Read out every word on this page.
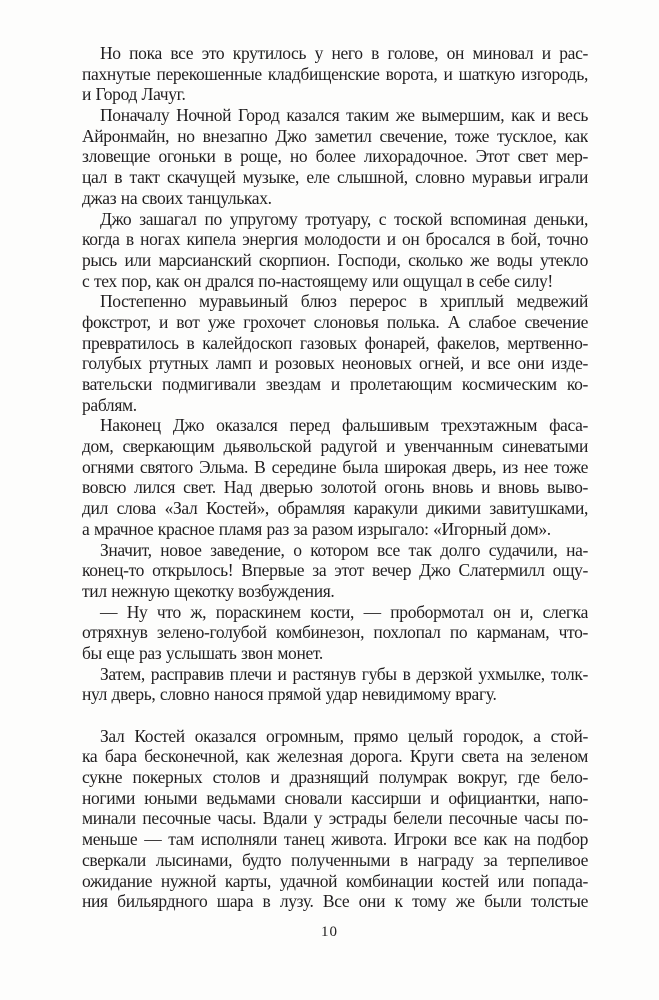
Но пока все это крутилось у него в голове, он миновал и рас-
пахнутые перекошенные кладбищенские ворота, и шаткую изгородь,
и Город Лачуг.
Поначалу Ночной Город казался таким же вымершим, как и весь
Айронмайн, но внезапно Джо заметил свечение, тоже тусклое, как
зловещие огоньки в роще, но более лихорадочное. Этот свет мер-
цал в такт скачущей музыке, еле слышной, словно муравьи играли
джаз на своих танцульках.
Джо зашагал по упругому тротуару, с тоской вспоминая деньки,
когда в ногах кипела энергия молодости и он бросался в бой, точно
рысь или марсианский скорпион. Господи, сколько же воды утекло
с тех пор, как он дрался по-настоящему или ощущал в себе силу!
Постепенно муравьиный блюз перерос в хриплый медвежий
фокстрот, и вот уже грохочет слоновья полька. А слабое свечение
превратилось в калейдоскоп газовых фонарей, факелов, мертвенно-
голубых ртутных ламп и розовых неоновых огней, и все они изде-
вательски подмигивали звездам и пролетающим космическим ко-
раблям.
Наконец Джо оказался перед фальшивым трехэтажным фаса-
дом, сверкающим дьявольской радугой и увенчанным синеватыми
огнями святого Эльма. В середине была широкая дверь, из нее тоже
вовсю лился свет. Над дверью золотой огонь вновь и вновь выво-
дил слова «Зал Костей», обрамляя каракули дикими завитушками,
а мрачное красное пламя раз за разом изрыгало: «Игорный дом».
Значит, новое заведение, о котором все так долго судачили, на-
конец-то открылось! Впервые за этот вечер Джо Слатермилл ощу-
тил нежную щекотку возбуждения.
— Ну что ж, пораскинем кости, — пробормотал он и, слегка
отряхнув зелено-голубой комбинезон, похлопал по карманам, что-
бы еще раз услышать звон монет.
Затем, расправив плечи и растянув губы в дерзкой ухмылке, толк-
нул дверь, словно нанося прямой удар невидимому врагу.
Зал Костей оказался огромным, прямо целый городок, а стой-
ка бара бесконечной, как железная дорога. Круги света на зеленом
сукне покерных столов и дразнящий полумрак вокруг, где бело-
ногими юными ведьмами сновали кассирши и официантки, напо-
минали песочные часы. Вдали у эстрады белели песочные часы по-
меньше — там исполняли танец живота. Игроки все как на подбор
сверкали лысинами, будто полученными в награду за терпеливое
ожидание нужной карты, удачной комбинации костей или попада-
ния бильярдного шара в лузу. Все они к тому же были толстые
10
